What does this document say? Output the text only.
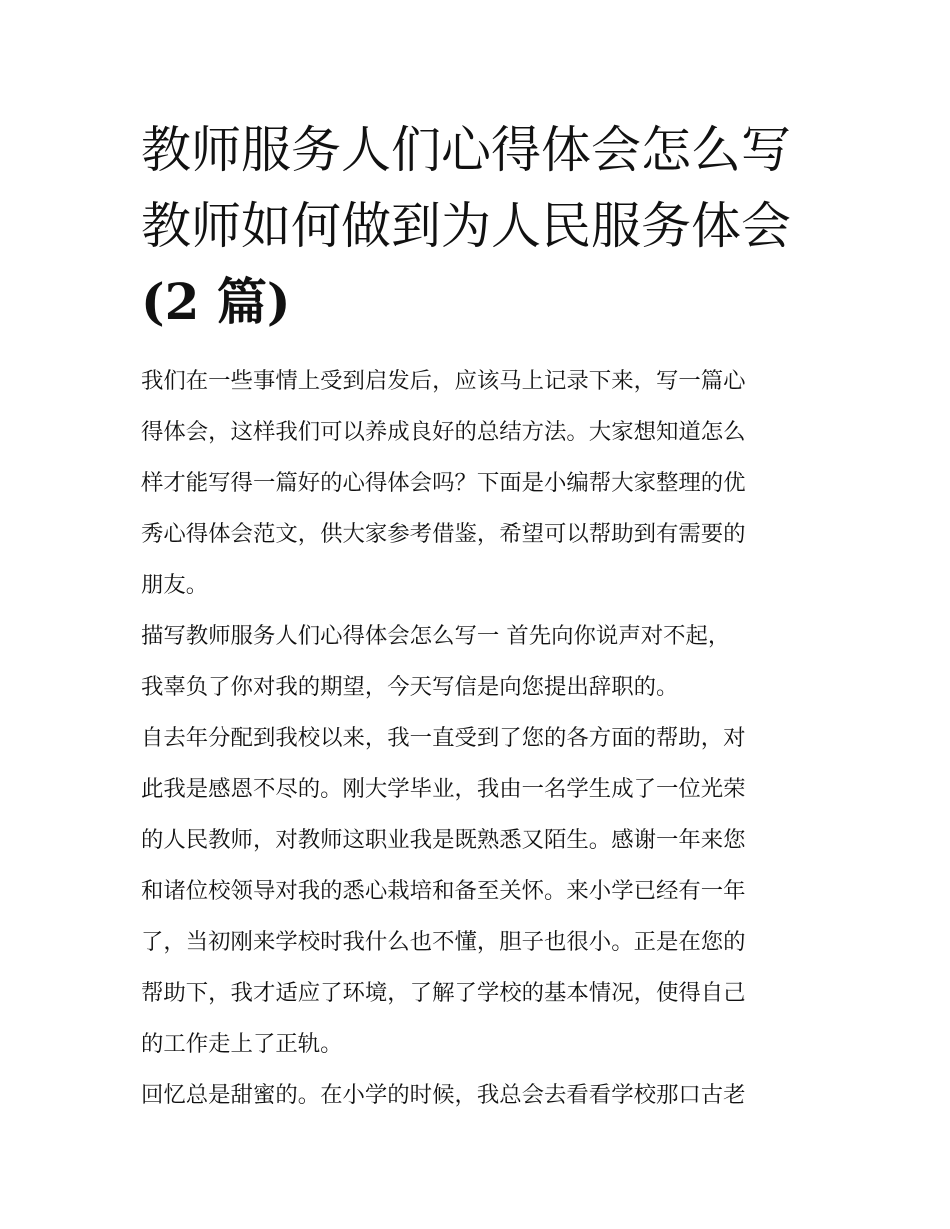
教师服务人们心得体会怎么写
教师如何做到为人民服务体会
(2 篇)

我们在一些事情上受到启发后，应该马上记录下来，写一篇心
得体会，这样我们可以养成良好的总结方法。大家想知道怎么
样才能写得一篇好的心得体会吗？下面是小编帮大家整理的优
秀心得体会范文，供大家参考借鉴，希望可以帮助到有需要的
朋友。

描写教师服务人们心得体会怎么写一 首先向你说声对不起，
我辜负了你对我的期望，今天写信是向您提出辞职的。

自去年分配到我校以来，我一直受到了您的各方面的帮助，对
此我是感恩不尽的。刚大学毕业，我由一名学生成了一位光荣
的人民教师，对教师这职业我是既熟悉又陌生。感谢一年来您
和诸位校领导对我的悉心栽培和备至关怀。来小学已经有一年
了，当初刚来学校时我什么也不懂，胆子也很小。正是在您的
帮助下，我才适应了环境，了解了学校的基本情况，使得自己
的工作走上了正轨。

回忆总是甜蜜的。在小学的时候，我总会去看看学校那口古老
